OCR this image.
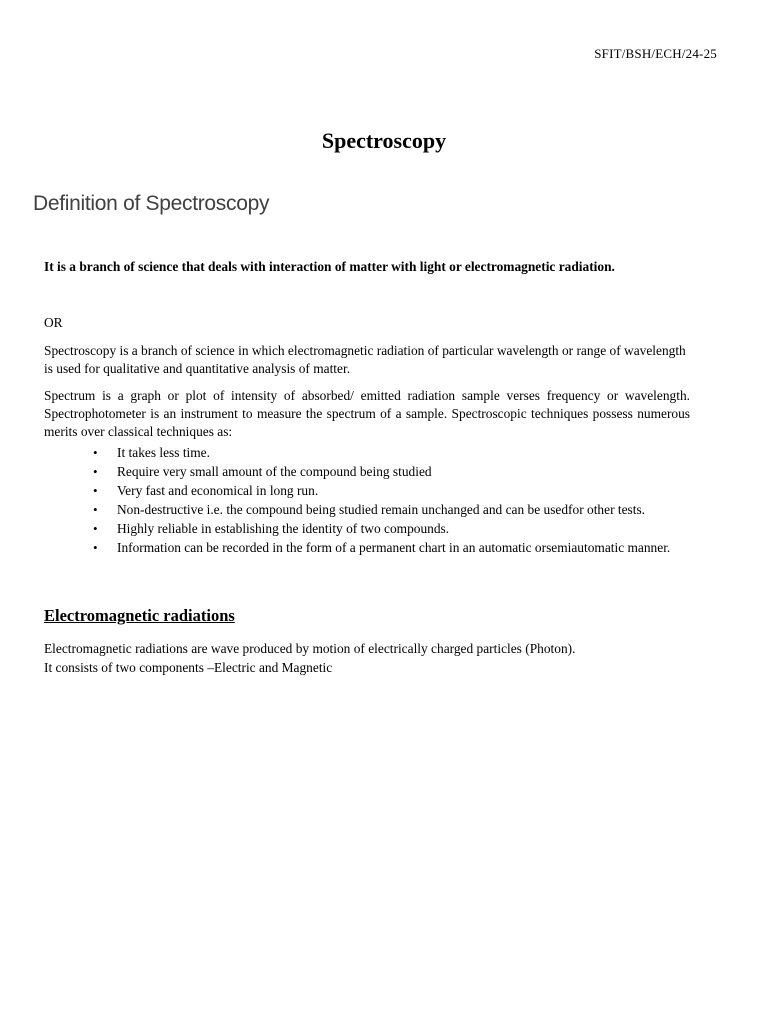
SFIT/BSH/ECH/24-25
Spectroscopy
Definition of Spectroscopy
It is a branch of science that deals with interaction of matter with light or electromagnetic radiation.
OR
Spectroscopy is a branch of science in which electromagnetic radiation of particular wavelength or range of wavelength is used for qualitative and quantitative analysis of matter.
Spectrum is a graph or plot of intensity of absorbed/ emitted radiation sample verses frequency or wavelength. Spectrophotometer is an instrument to measure the spectrum of a sample. Spectroscopic techniques possess numerous merits over classical techniques as:
• It takes less time.
• Require very small amount of the compound being studied
• Very fast and economical in long run.
• Non-destructive i.e. the compound being studied remain unchanged and can be usedfor other tests.
• Highly reliable in establishing the identity of two compounds.
• Information can be recorded in the form of a permanent chart in an automatic orsemiautomatic manner.
Electromagnetic radiations
Electromagnetic radiations are wave produced by motion of electrically charged particles (Photon).
It consists of two components –Electric and Magnetic
